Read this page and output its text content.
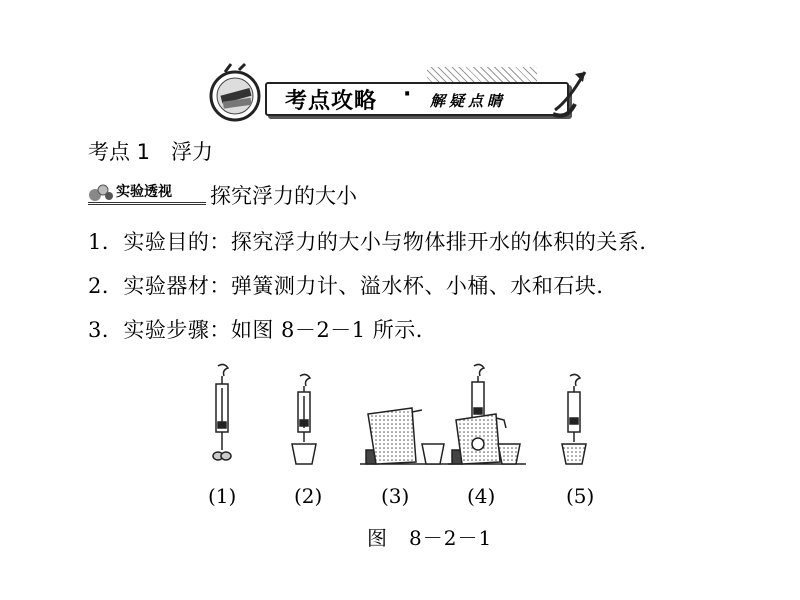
考点攻略 · 解疑点睛
考点 1　浮力
实验透视 探究浮力的大小
1．实验目的：探究浮力的大小与物体排开水的体积的关系．
2．实验器材：弹簧测力计、溢水杯、小桶、水和石块．
3．实验步骤：如图 8－2－1 所示．
(1)	(2)	(3)	(4)	(5)
图　8－2－1
